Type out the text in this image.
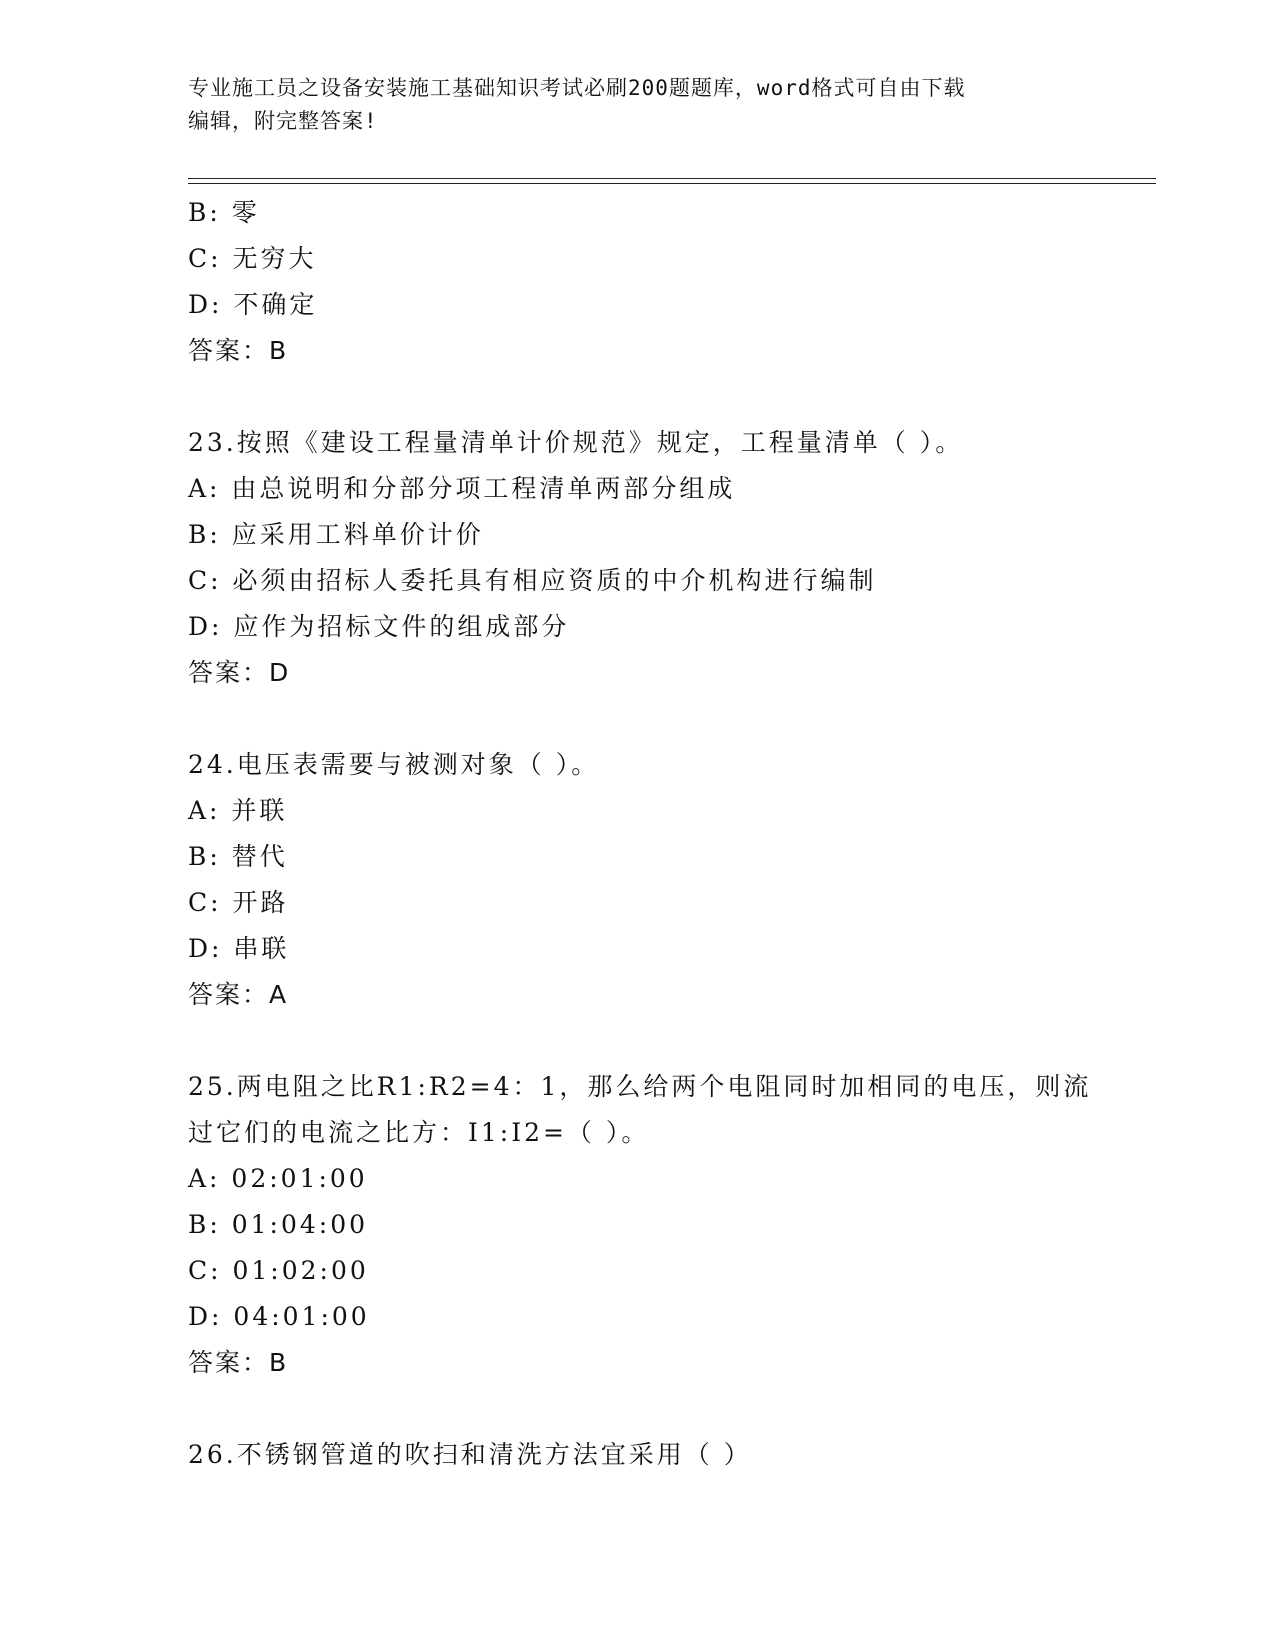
专业施工员之设备安装施工基础知识考试必刷200题题库，word格式可自由下载
编辑，附完整答案!
B: 零
C: 无穷大
D: 不确定
答案：B
23.按照《建设工程量清单计价规范》规定，工程量清单（ ）。
A: 由总说明和分部分项工程清单两部分组成
B: 应采用工料单价计价
C: 必须由招标人委托具有相应资质的中介机构进行编制
D: 应作为招标文件的组成部分
答案：D
24.电压表需要与被测对象（ ）。
A: 并联
B: 替代
C: 开路
D: 串联
答案：A
25.两电阻之比R1:R2=4：1，那么给两个电阻同时加相同的电压，则流
过它们的电流之比方：I1:I2=（ ）。
A: 02:01:00
B: 01:04:00
C: 01:02:00
D: 04:01:00
答案：B
26.不锈钢管道的吹扫和清洗方法宜采用（ ）
